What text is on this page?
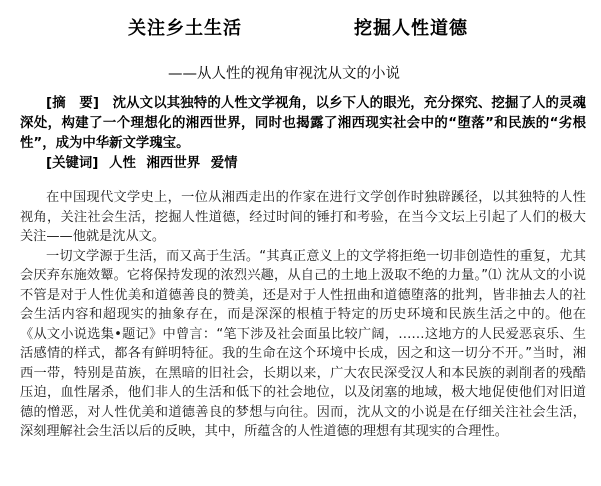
关注乡土生活	挖掘人性道德
——从人性的视角审视沈从文的小说

[摘　要]　沈从文以其独特的人性文学视角，以乡下人的眼光，充分探究、挖掘了人的灵魂深处，构建了一个理想化的湘西世界，同时也揭露了湘西现实社会中的“堕落”和民族的“劣根性”，成为中华新文学瑰宝。

[关键词] 人性 湘西世界 爱情

在中国现代文学史上，一位从湘西走出的作家在进行文学创作时独辟蹊径，以其独特的人性视角，关注社会生活，挖掘人性道德，经过时间的锤打和考验，在当今文坛上引起了人们的极大关注——他就是沈从文。

一切文学源于生活，而又高于生活。“其真正意义上的文学将拒绝一切非创造性的重复，尤其会厌弃东施效颦。它将保持发现的浓烈兴趣，从自己的土地上汲取不绝的力量。”⑴ 沈从文的小说不管是对于人性优美和道德善良的赞美，还是对于人性扭曲和道德堕落的批判，皆非抽去人的社会生活内容和超现实的抽象存在，而是深深的根植于特定的历史环境和民族生活之中的。他在《从文小说选集•题记》中曾言：“笔下涉及社会面虽比较广阔，……这地方的人民爱恶哀乐、生活感情的样式，都各有鲜明特征。我的生命在这个环境中长成，因之和这一切分不开。”当时，湘西一带，特别是苗族，在黑暗的旧社会，长期以来，广大农民深受汉人和本民族的剥削者的残酷压迫，血性屠杀，他们非人的生活和低下的社会地位，以及闭塞的地域，极大地促使他们对旧道德的憎恶，对人性优美和道德善良的梦想与向往。因而，沈从文的小说是在仔细关注社会生活，深刻理解社会生活以后的反映，其中，所蕴含的人性道德的理想有其现实的合理性。
